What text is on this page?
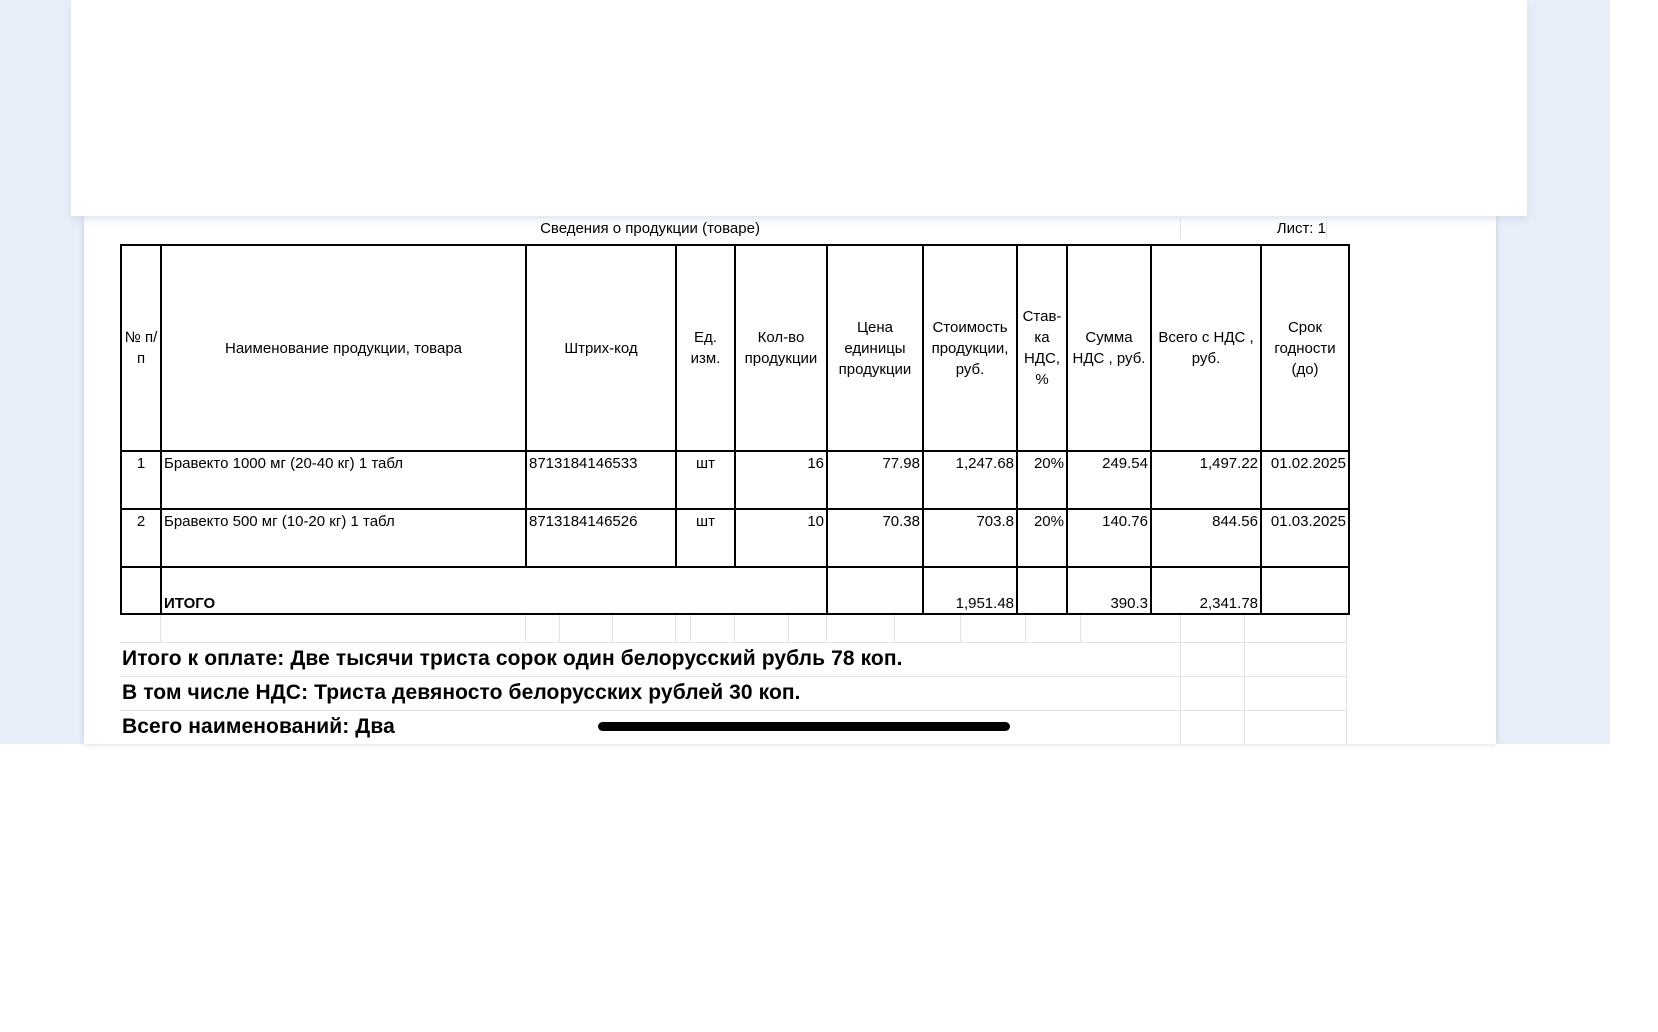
Сведения о продукции (товаре)	Лист: 1
№ п/п	Наименование продукции, товара	Штрих-код	Ед. изм.	Кол-во продукции	Цена единицы продукции	Стоимость продукции, руб.	Став-ка НДС, %	Сумма НДС , руб.	Всего с НДС , руб.	Срок годности (до)
1	Бравекто 1000 мг (20-40 кг) 1 табл	8713184146533	шт	16	77.98	1,247.68	20%	249.54	1,497.22	01.02.2025
2	Бравекто 500 мг (10-20 кг) 1 табл	8713184146526	шт	10	70.38	703.8	20%	140.76	844.56	01.03.2025
	ИТОГО					1,951.48		390.3	2,341.78	
Итого к оплате: Две тысячи триста сорок один белорусский рубль 78 коп.
В том числе НДС: Триста девяносто белорусских рублей 30 коп.
Всего наименований: Два
